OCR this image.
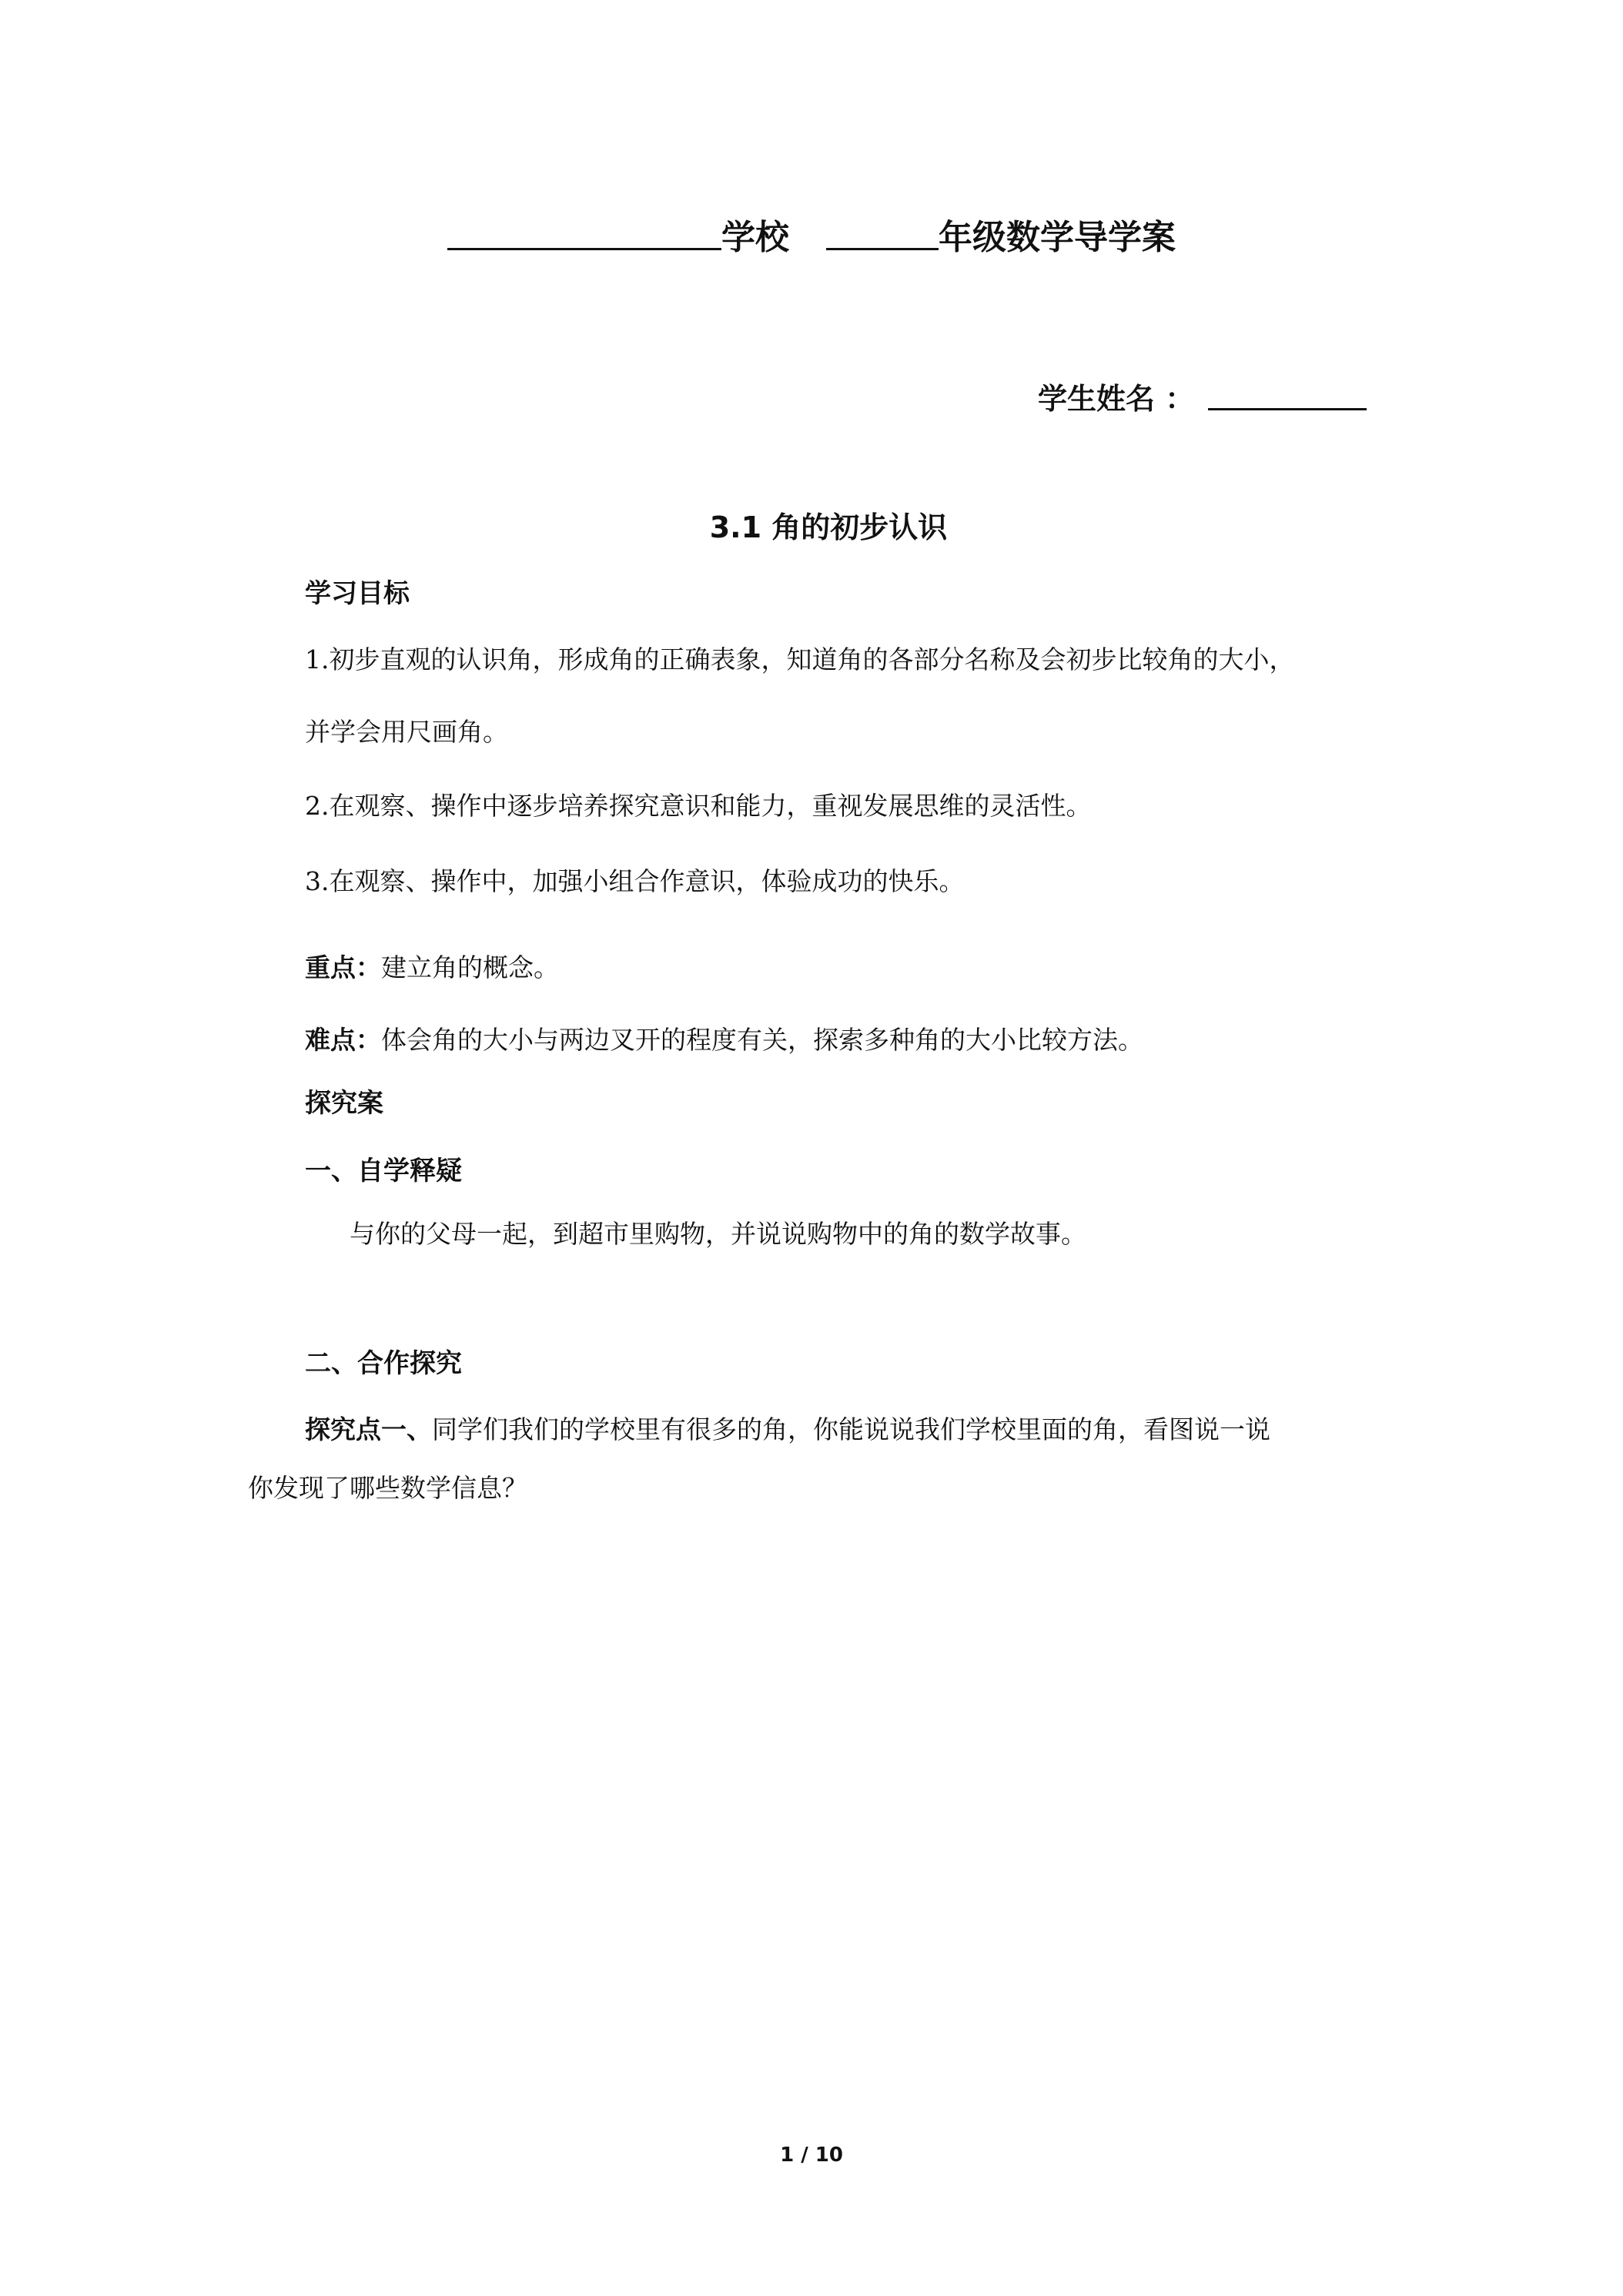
学校	年级数学导学案
学生姓名 ：
3.1 角的初步认识
学习目标
1.初步直观的认识角，形成角的正确表象，知道角的各部分名称及会初步比较角的大小，
并学会用尺画角。
2.在观察、操作中逐步培养探究意识和能力，重视发展思维的灵活性。
3.在观察、操作中，加强小组合作意识，体验成功的快乐。
重点：建立角的概念。
难点：体会角的大小与两边叉开的程度有关，探索多种角的大小比较方法。
探究案
一、自学释疑
与你的父母一起，到超市里购物，并说说购物中的角的数学故事。
二、合作探究
探究点一、同学们我们的学校里有很多的角，你能说说我们学校里面的角，看图说一说
你发现了哪些数学信息？
1 / 10
